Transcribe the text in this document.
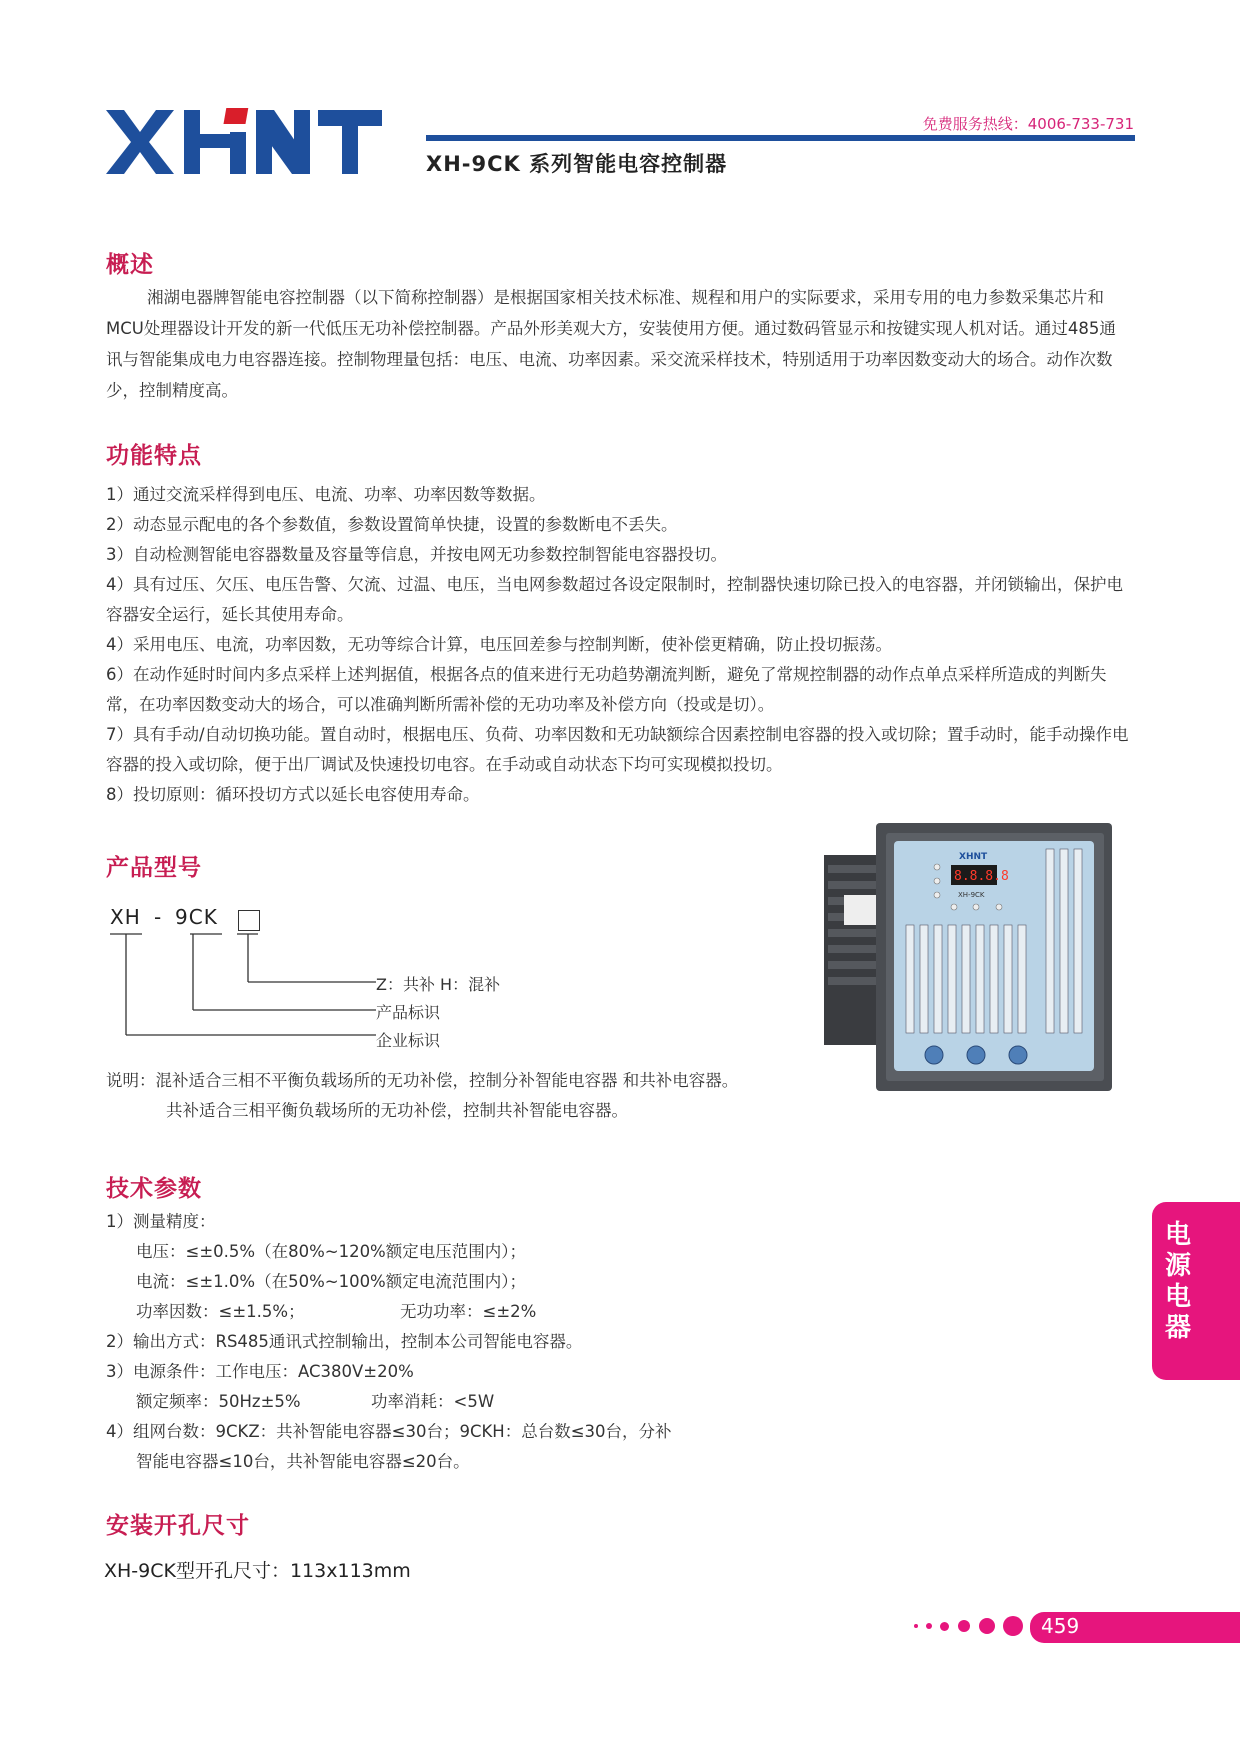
免费服务热线：4006-733-731
XH-9CK 系列智能电容控制器
概述
湘湖电器牌智能电容控制器（以下简称控制器）是根据国家相关技术标准、规程和用户的实际要求，采用专用的电力参数采集芯片和MCU处理器设计开发的新一代低压无功补偿控制器。产品外形美观大方，安装使用方便。通过数码管显示和按键实现人机对话。通过485通讯与智能集成电力电容器连接。控制物理量包括：电压、电流、功率因素。采交流采样技术，特别适用于功率因数变动大的场合。动作次数少，控制精度高。
功能特点
1）通过交流采样得到电压、电流、功率、功率因数等数据。
2）动态显示配电的各个参数值，参数设置简单快捷，设置的参数断电不丢失。
3）自动检测智能电容器数量及容量等信息，并按电网无功参数控制智能电容器投切。
4）具有过压、欠压、电压告警、欠流、过温、电压，当电网参数超过各设定限制时，控制器快速切除已投入的电容器，并闭锁输出，保护电容器安全运行，延长其使用寿命。
4）采用电压、电流，功率因数，无功等综合计算，电压回差参与控制判断，使补偿更精确，防止投切振荡。
6）在动作延时时间内多点采样上述判据值，根据各点的值来进行无功趋势潮流判断，避免了常规控制器的动作点单点采样所造成的判断失常，在功率因数变动大的场合，可以准确判断所需补偿的无功功率及补偿方向（投或是切）。
7）具有手动/自动切换功能。置自动时，根据电压、负荷、功率因数和无功缺额综合因素控制电容器的投入或切除；置手动时，能手动操作电容器的投入或切除，便于出厂调试及快速投切电容。在手动或自动状态下均可实现模拟投切。
8）投切原则：循环投切方式以延长电容使用寿命。
产品型号
XH - 9CK
Z：共补 H：混补
产品标识
企业标识
说明：混补适合三相不平衡负载场所的无功补偿，控制分补智能电容器 和共补电容器。
共补适合三相平衡负载场所的无功补偿，控制共补智能电容器。
XHNT
8.8.8.8
XH-9CK
技术参数
1）测量精度：
电压：≤±0.5%（在80%~120%额定电压范围内）；
电流：≤±1.0%（在50%~100%额定电流范围内）；
功率因数：≤±1.5%；	无功功率：≤±2%
2）输出方式：RS485通讯式控制输出，控制本公司智能电容器。
3）电源条件：工作电压：AC380V±20%
额定频率：50Hz±5%	功率消耗：<5W
4）组网台数：9CKZ：共补智能电容器≤30台；9CKH：总台数≤30台，分补
智能电容器≤10台，共补智能电容器≤20台。
安装开孔尺寸
XH-9CK型开孔尺寸：113x113mm
电源电器
459
